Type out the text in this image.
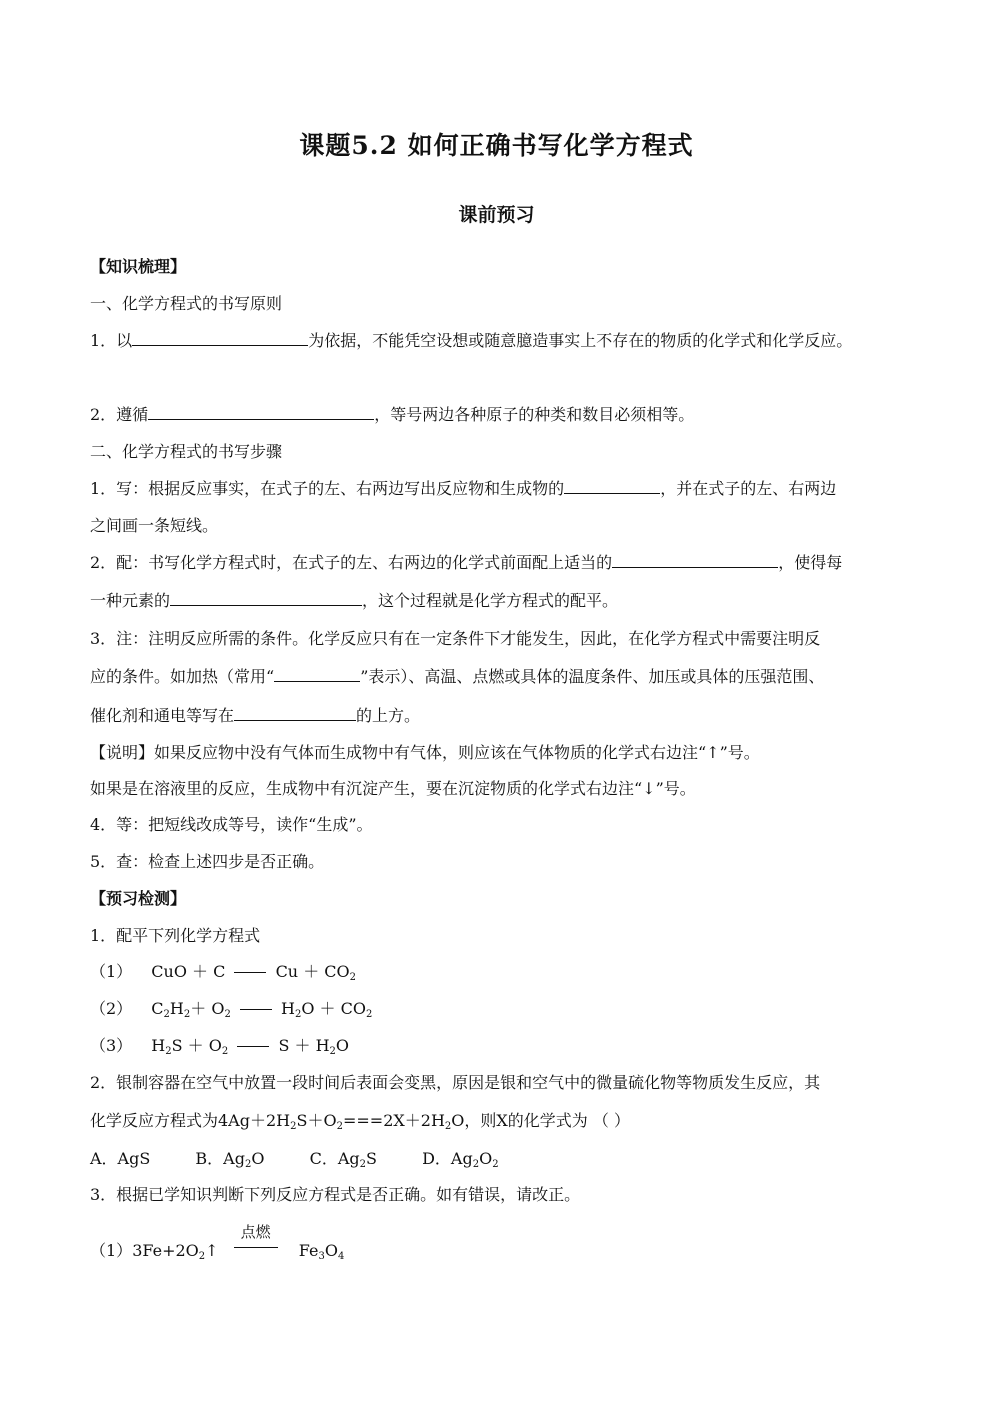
课题5.2 如何正确书写化学方程式
课前预习
【知识梳理】
一、化学方程式的书写原则
1．以	为依据，不能凭空设想或随意臆造事实上不存在的物质的化学式和化学反应。
2．遵循	，等号两边各种原子的种类和数目必须相等。
二、化学方程式的书写步骤
1．写：根据反应事实，在式子的左、右两边写出反应物和生成物的	，并在式子的左、右两边
之间画一条短线。
2．配：书写化学方程式时，在式子的左、右两边的化学式前面配上适当的	，使得每
一种元素的	，这个过程就是化学方程式的配平。
3．注：注明反应所需的条件。化学反应只有在一定条件下才能发生，因此，在化学方程式中需要注明反
应的条件。如加热（常用“	”表示）、高温、点燃或具体的温度条件、加压或具体的压强范围、
催化剂和通电等写在	的上方。
【说明】如果反应物中没有气体而生成物中有气体，则应该在气体物质的化学式右边注“↑”号。
如果是在溶液里的反应，生成物中有沉淀产生，要在沉淀物质的化学式右边注“↓”号。
4．等：把短线改成等号，读作“生成”。
5．查：检查上述四步是否正确。
【预习检测】
1．配平下列化学方程式
（1） CuO ＋ C	$Cu + CO_2$
（2） $C_2H_2+ O_2$	$H_2O + CO_2$
（3） $H_2S + O_2$	$S + H_2O$
2．银制容器在空气中放置一段时间后表面会变黑，原因是银和空气中的微量硫化物等物质发生反应，其
化学反应方程式为$4Ag+2H_2S+O_2===2X+2H_2O$，则X的化学式为 （ ）
A．AgS	B．$Ag_2O$	C．$Ag_2S$	D．$Ag_2O_2$
3．根据已学知识判断下列反应方程式是否正确。如有错误，请改正。
$(1)3Fe+2O_2↑$
点燃
$Fe_3O_4$
